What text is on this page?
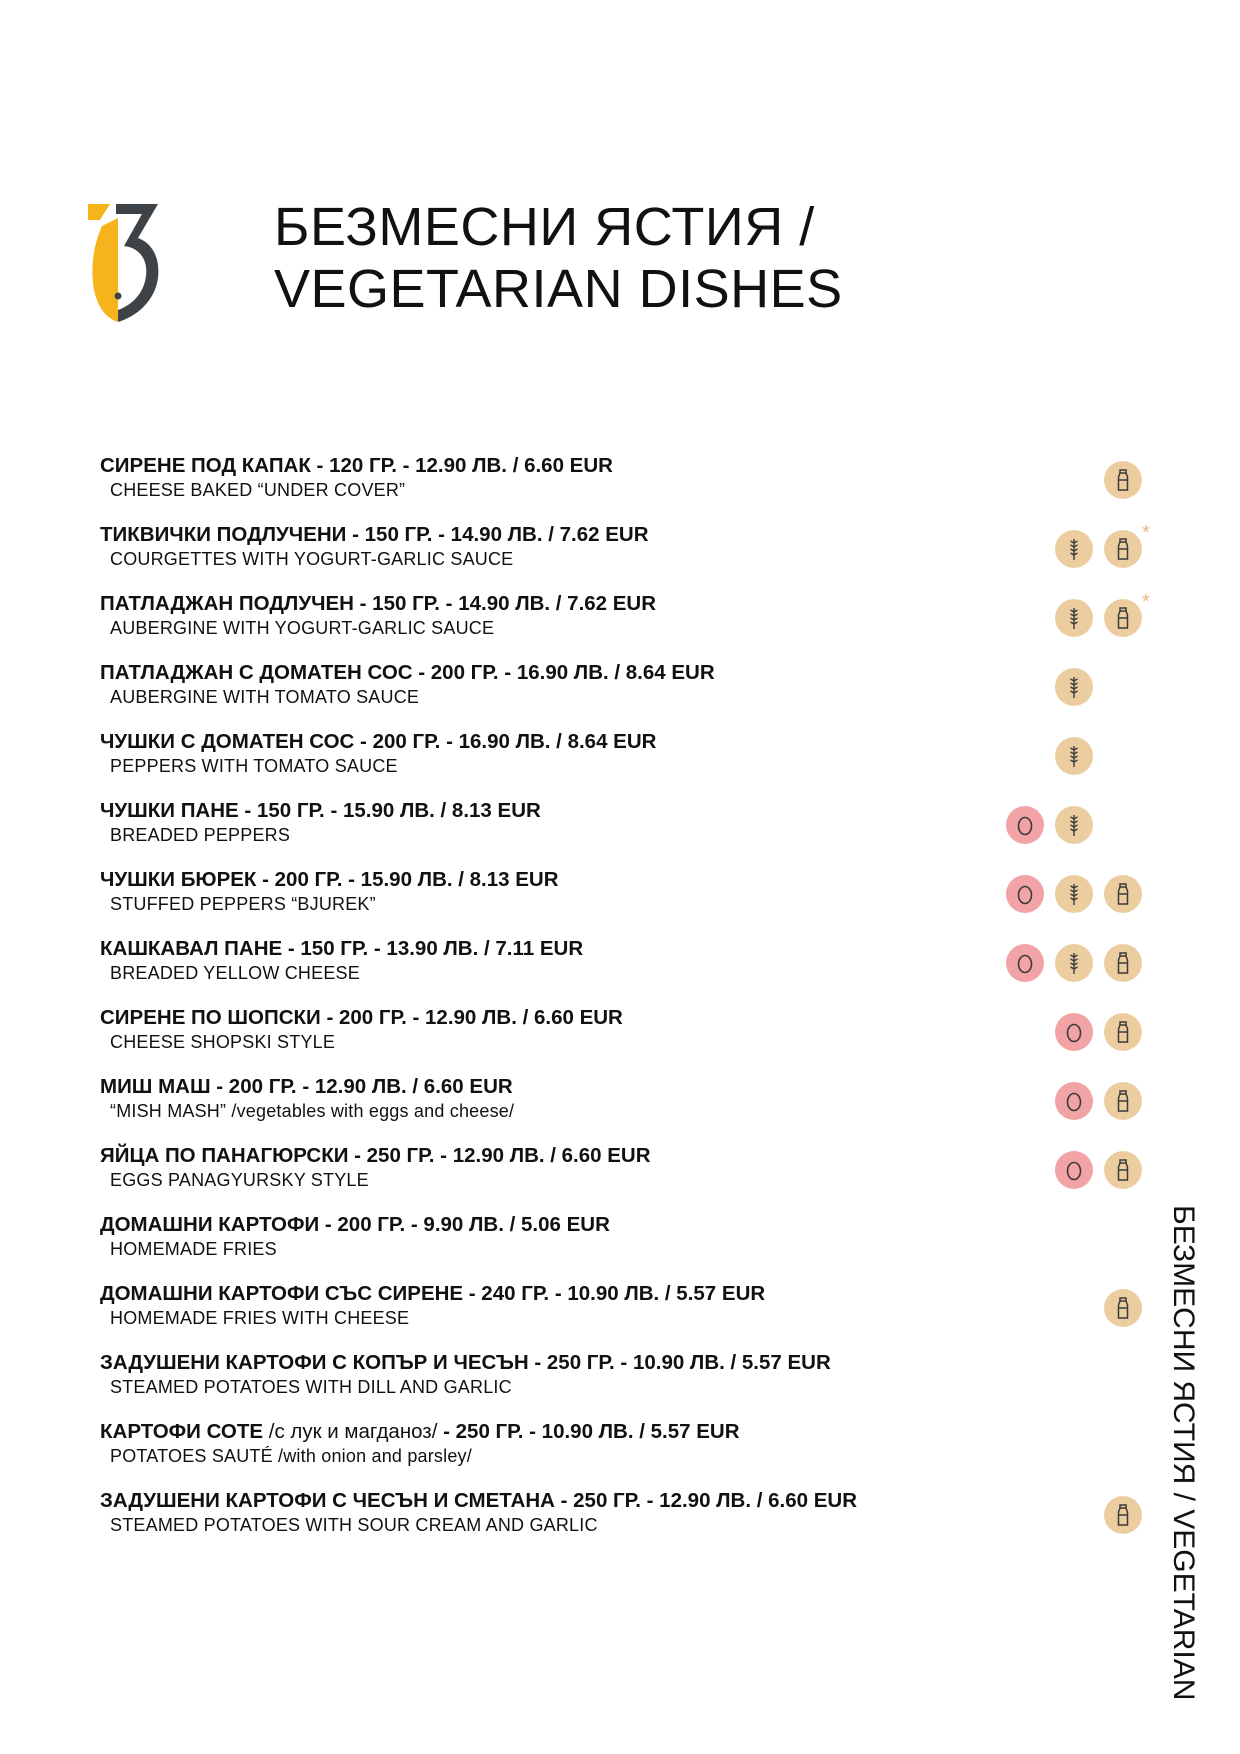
БЕЗМЕСНИ ЯСТИЯ /
VEGETARIAN DISHES
БЕЗМЕСНИ ЯСТИЯ / VEGETARIAN
СИРЕНЕ ПОД КАПАК - 120 ГР. - 12.90 ЛВ. / 6.60 EUR
CHEESE BAKED “UNDER COVER”
ТИКВИЧКИ ПОДЛУЧЕНИ - 150 ГР. - 14.90 ЛВ. / 7.62 EUR
COURGETTES WITH YOGURT-GARLIC SAUCE
*
ПАТЛАДЖАН ПОДЛУЧЕН - 150 ГР. - 14.90 ЛВ. / 7.62 EUR
AUBERGINE WITH YOGURT-GARLIC SAUCE
*
ПАТЛАДЖАН С ДОМАТЕН СОС - 200 ГР. - 16.90 ЛВ. / 8.64 EUR
AUBERGINE WITH TOMATO SAUCE
ЧУШКИ С ДОМАТЕН СОС - 200 ГР. - 16.90 ЛВ. / 8.64 EUR
PEPPERS WITH TOMATO SAUCE
ЧУШКИ ПАНЕ - 150 ГР. - 15.90 ЛВ. / 8.13 EUR
BREADED PEPPERS
ЧУШКИ БЮРЕК - 200 ГР. - 15.90 ЛВ. / 8.13 EUR
STUFFED PEPPERS “BJUREK”
КАШКАВАЛ ПАНЕ - 150 ГР. - 13.90 ЛВ. / 7.11 EUR
BREADED YELLOW CHEESE
СИРЕНЕ ПО ШОПСКИ - 200 ГР. - 12.90 ЛВ. / 6.60 EUR
CHEESE SHOPSKI STYLE
МИШ МАШ - 200 ГР. - 12.90 ЛВ. / 6.60 EUR
“MISH MASH” /vegetables with eggs and cheese/
ЯЙЦА ПО ПАНАГЮРСКИ - 250 ГР. - 12.90 ЛВ. / 6.60 EUR
EGGS PANAGYURSKY STYLE
ДОМАШНИ КАРТОФИ - 200 ГР. - 9.90 ЛВ. / 5.06 EUR
HOMEMADE FRIES
ДОМАШНИ КАРТОФИ СЪС СИРЕНЕ - 240 ГР. - 10.90 ЛВ. / 5.57 EUR
HOMEMADE FRIES WITH CHEESE
ЗАДУШЕНИ КАРТОФИ С КОПЪР И ЧЕСЪН - 250 ГР. - 10.90 ЛВ. / 5.57 EUR
STEAMED POTATOES WITH DILL AND GARLIC
КАРТОФИ СОТЕ /с лук и магданоз/ - 250 ГР. - 10.90 ЛВ. / 5.57 EUR
POTATOES SAUTÉ /with onion and parsley/
ЗАДУШЕНИ КАРТОФИ С ЧЕСЪН И СМЕТАНА - 250 ГР. - 12.90 ЛВ. / 6.60 EUR
STEAMED POTATOES WITH SOUR CREAM AND GARLIC
